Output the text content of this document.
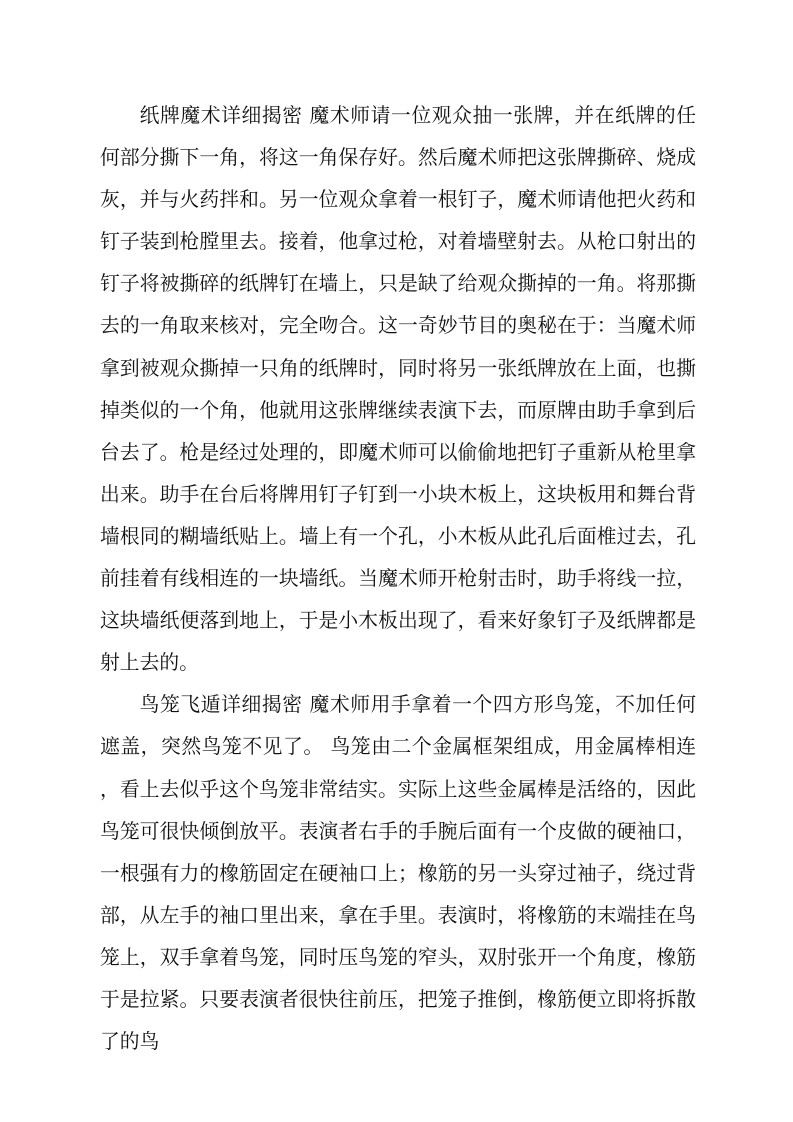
纸牌魔术详细揭密 魔术师请一位观众抽一张牌，并在纸牌的任何部分撕下一角，将这一角保存好。然后魔术师把这张牌撕碎、烧成灰，并与火药拌和。另一位观众拿着一根钉子，魔术师请他把火药和钉子装到枪膛里去。接着，他拿过枪，对着墙壁射去。从枪口射出的钉子将被撕碎的纸牌钉在墙上，只是缺了给观众撕掉的一角。将那撕去的一角取来核对，完全吻合。这一奇妙节目的奥秘在于：当魔术师拿到被观众撕掉一只角的纸牌时，同时将另一张纸牌放在上面，也撕掉类似的一个角，他就用这张牌继续表演下去，而原牌由助手拿到后台去了。枪是经过处理的，即魔术师可以偷偷地把钉子重新从枪里拿出来。助手在台后将牌用钉子钉到一小块木板上，这块板用和舞台背墙根同的糊墙纸贴上。墙上有一个孔，小木板从此孔后面椎过去，孔前挂着有线相连的一块墙纸。当魔术师开枪射击时，助手将线一拉，这块墙纸便落到地上，于是小木板出现了，看来好象钉子及纸牌都是射上去的。

鸟笼飞遁详细揭密 魔术师用手拿着一个四方形鸟笼，不加任何遮盖，突然鸟笼不见了。 鸟笼由二个金属框架组成，用金属棒相连，看上去似乎这个鸟笼非常结实。实际上这些金属棒是活络的，因此鸟笼可很快倾倒放平。表演者右手的手腕后面有一个皮做的硬袖口，一根强有力的橡筋固定在硬袖口上；橡筋的另一头穿过袖子，绕过背部，从左手的袖口里出来，拿在手里。表演时，将橡筋的末端挂在鸟笼上，双手拿着鸟笼，同时压鸟笼的窄头，双肘张开一个角度，橡筋于是拉紧。只要表演者很快往前压，把笼子推倒，橡筋便立即将拆散了的鸟
